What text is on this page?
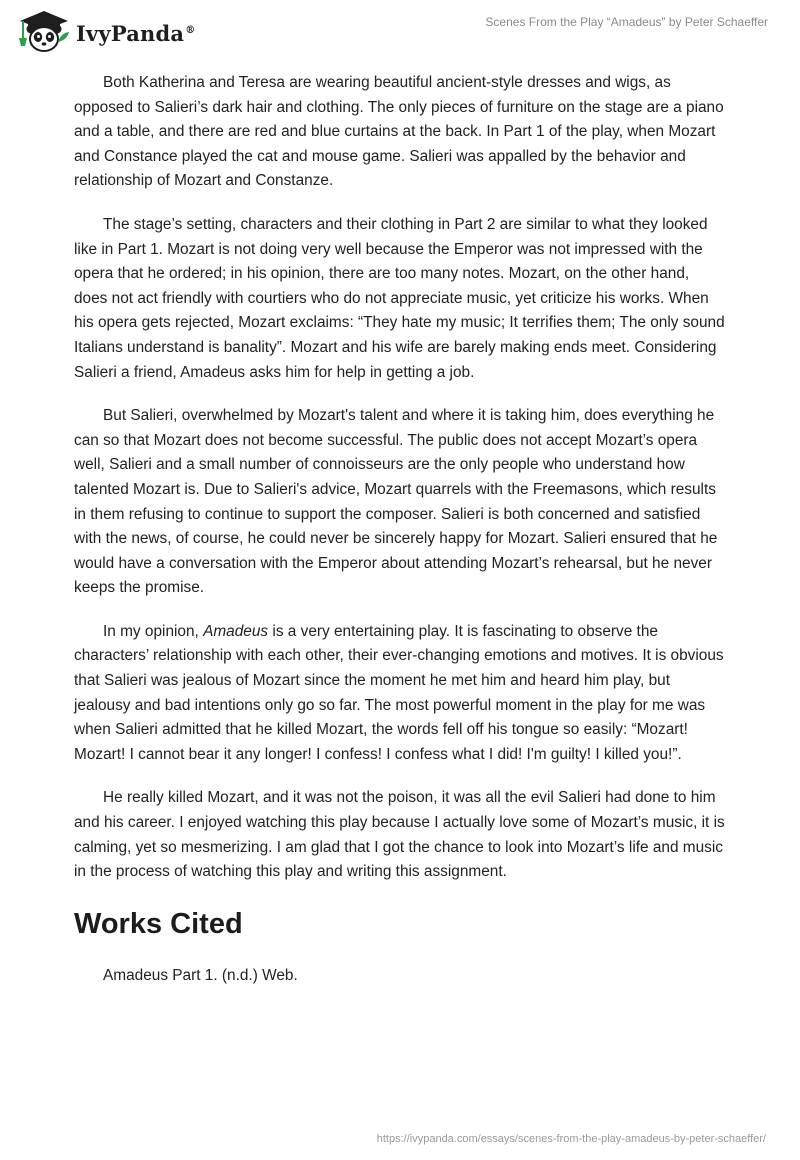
IvyPanda®
Scenes From the Play “Amadeus” by Peter Schaeffer

Both Katherina and Teresa are wearing beautiful ancient-style dresses and wigs, as opposed to Salieri’s dark hair and clothing. The only pieces of furniture on the stage are a piano and a table, and there are red and blue curtains at the back. In Part 1 of the play, when Mozart and Constance played the cat and mouse game. Salieri was appalled by the behavior and relationship of Mozart and Constanze.

The stage’s setting, characters and their clothing in Part 2 are similar to what they looked like in Part 1. Mozart is not doing very well because the Emperor was not impressed with the opera that he ordered; in his opinion, there are too many notes. Mozart, on the other hand, does not act friendly with courtiers who do not appreciate music, yet criticize his works. When his opera gets rejected, Mozart exclaims: “They hate my music; It terrifies them; The only sound Italians understand is banality”. Mozart and his wife are barely making ends meet. Considering Salieri a friend, Amadeus asks him for help in getting a job.

But Salieri, overwhelmed by Mozart's talent and where it is taking him, does everything he can so that Mozart does not become successful. The public does not accept Mozart’s opera well, Salieri and a small number of connoisseurs are the only people who understand how talented Mozart is. Due to Salieri's advice, Mozart quarrels with the Freemasons, which results in them refusing to continue to support the composer. Salieri is both concerned and satisfied with the news, of course, he could never be sincerely happy for Mozart. Salieri ensured that he would have a conversation with the Emperor about attending Mozart’s rehearsal, but he never keeps the promise.

In my opinion, Amadeus is a very entertaining play. It is fascinating to observe the characters’ relationship with each other, their ever-changing emotions and motives. It is obvious that Salieri was jealous of Mozart since the moment he met him and heard him play, but jealousy and bad intentions only go so far. The most powerful moment in the play for me was when Salieri admitted that he killed Mozart, the words fell off his tongue so easily: “Mozart! Mozart! I cannot bear it any longer! I confess! I confess what I did! I'm guilty! I killed you!”.

He really killed Mozart, and it was not the poison, it was all the evil Salieri had done to him and his career. I enjoyed watching this play because I actually love some of Mozart’s music, it is calming, yet so mesmerizing. I am glad that I got the chance to look into Mozart’s life and music in the process of watching this play and writing this assignment.

Works Cited
Amadeus Part 1. (n.d.) Web.
https://ivypanda.com/essays/scenes-from-the-play-amadeus-by-peter-schaeffer/
